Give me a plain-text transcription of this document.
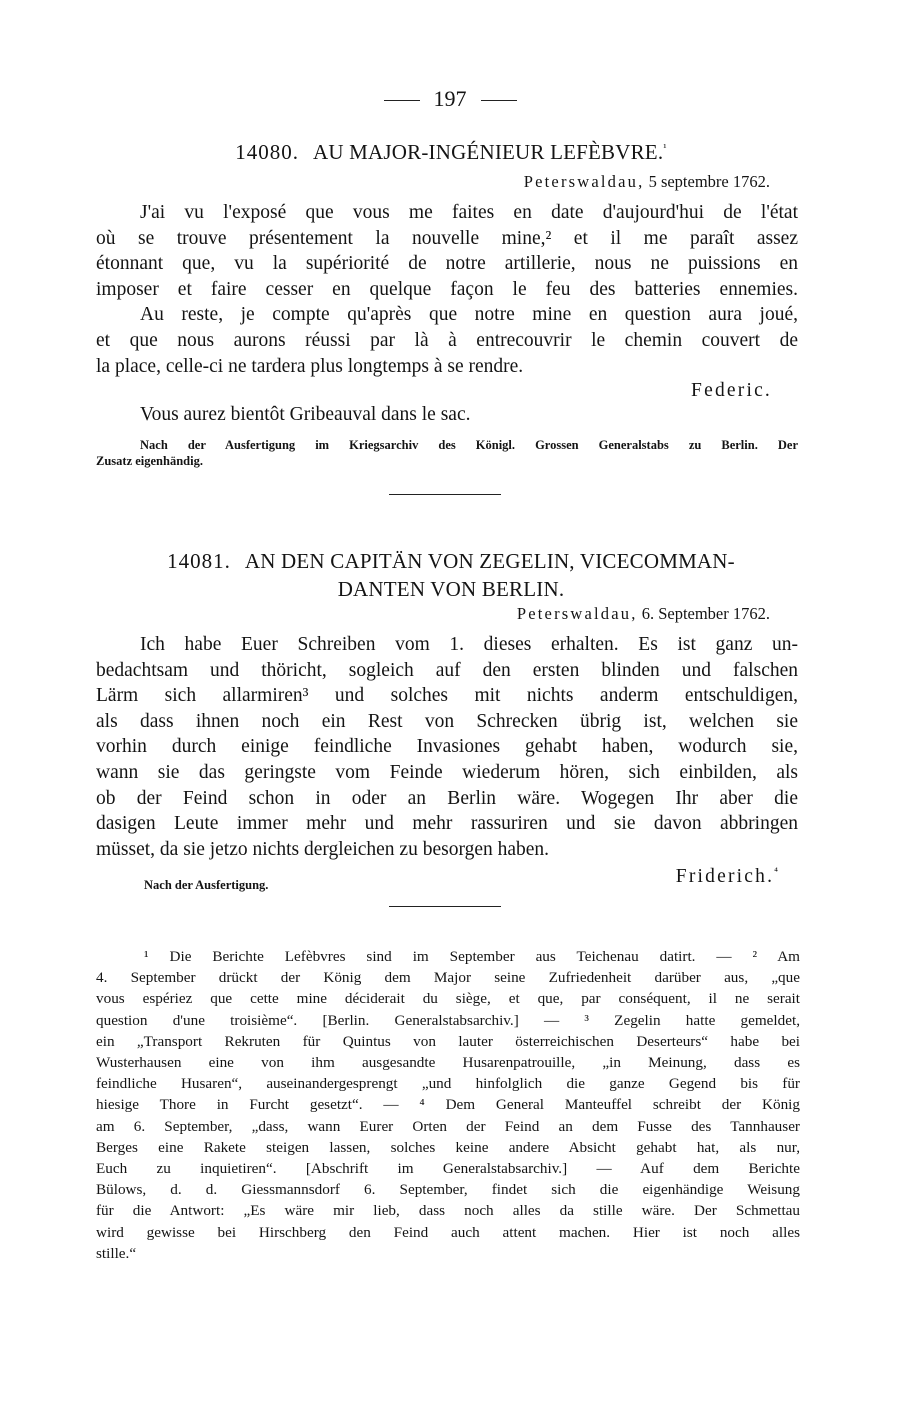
197
14080. AU MAJOR-INGÉNIEUR LEFÈBVRE.$^{^1}$
Peterswaldau, 5 septembre 1762.
J'ai vu l'exposé que vous me faites en date d'aujourd'hui de l'état
où se trouve présentement la nouvelle mine,² et il me paraît assez
étonnant que, vu la supériorité de notre artillerie, nous ne puissions en
imposer et faire cesser en quelque façon le feu des batteries ennemies.
Au reste, je compte qu'après que notre mine en question aura joué,
et que nous aurons réussi par là à entrecouvrir le chemin couvert de
la place, celle-ci ne tardera plus longtemps à se rendre.
Federic.
Vous aurez bientôt Gribeauval dans le sac.
Nach der Ausfertigung im Kriegsarchiv des Königl. Grossen Generalstabs zu Berlin. Der
Zusatz eigenhändig.
14081. AN DEN CAPITÄN VON ZEGELIN, VICECOMMAN-
DANTEN VON BERLIN.
Peterswaldau, 6. September 1762.
Ich habe Euer Schreiben vom 1. dieses erhalten. Es ist ganz un-
bedachtsam und thöricht, sogleich auf den ersten blinden und falschen
Lärm sich allarmiren³ und solches mit nichts anderm entschuldigen,
als dass ihnen noch ein Rest von Schrecken übrig ist, welchen sie
vorhin durch einige feindliche Invasiones gehabt haben, wodurch sie,
wann sie das geringste vom Feinde wiederum hören, sich einbilden, als
ob der Feind schon in oder an Berlin wäre. Wogegen Ihr aber die
dasigen Leute immer mehr und mehr rassuriren und sie davon abbringen
müsset, da sie jetzo nichts dergleichen zu besorgen haben.
Nach der Ausfertigung.	Friderich.$^{^4}$
¹ Die Berichte Lefèbvres sind im September aus Teichenau datirt. — ² Am
4. September drückt der König dem Major seine Zufriedenheit darüber aus, „que
vous espériez que cette mine déciderait du siège, et que, par conséquent, il ne serait
question d'une troisième“. [Berlin. Generalstabsarchiv.] — ³ Zegelin hatte gemeldet,
ein „Transport Rekruten für Quintus von lauter österreichischen Deserteurs“ habe bei
Wusterhausen eine von ihm ausgesandte Husarenpatrouille, „in Meinung, dass es
feindliche Husaren“, auseinandergesprengt „und hinfolglich die ganze Gegend bis für
hiesige Thore in Furcht gesetzt“. — ⁴ Dem General Manteuffel schreibt der König
am 6. September, „dass, wann Eurer Orten der Feind an dem Fusse des Tannhauser
Berges eine Rakete steigen lassen, solches keine andere Absicht gehabt hat, als nur,
Euch zu inquietiren“. [Abschrift im Generalstabsarchiv.] — Auf dem Berichte
Bülows, d. d. Giessmannsdorf 6. September, findet sich die eigenhändige Weisung
für die Antwort: „Es wäre mir lieb, dass noch alles da stille wäre. Der Schmettau
wird gewisse bei Hirschberg den Feind auch attent machen. Hier ist noch alles
stille.“
